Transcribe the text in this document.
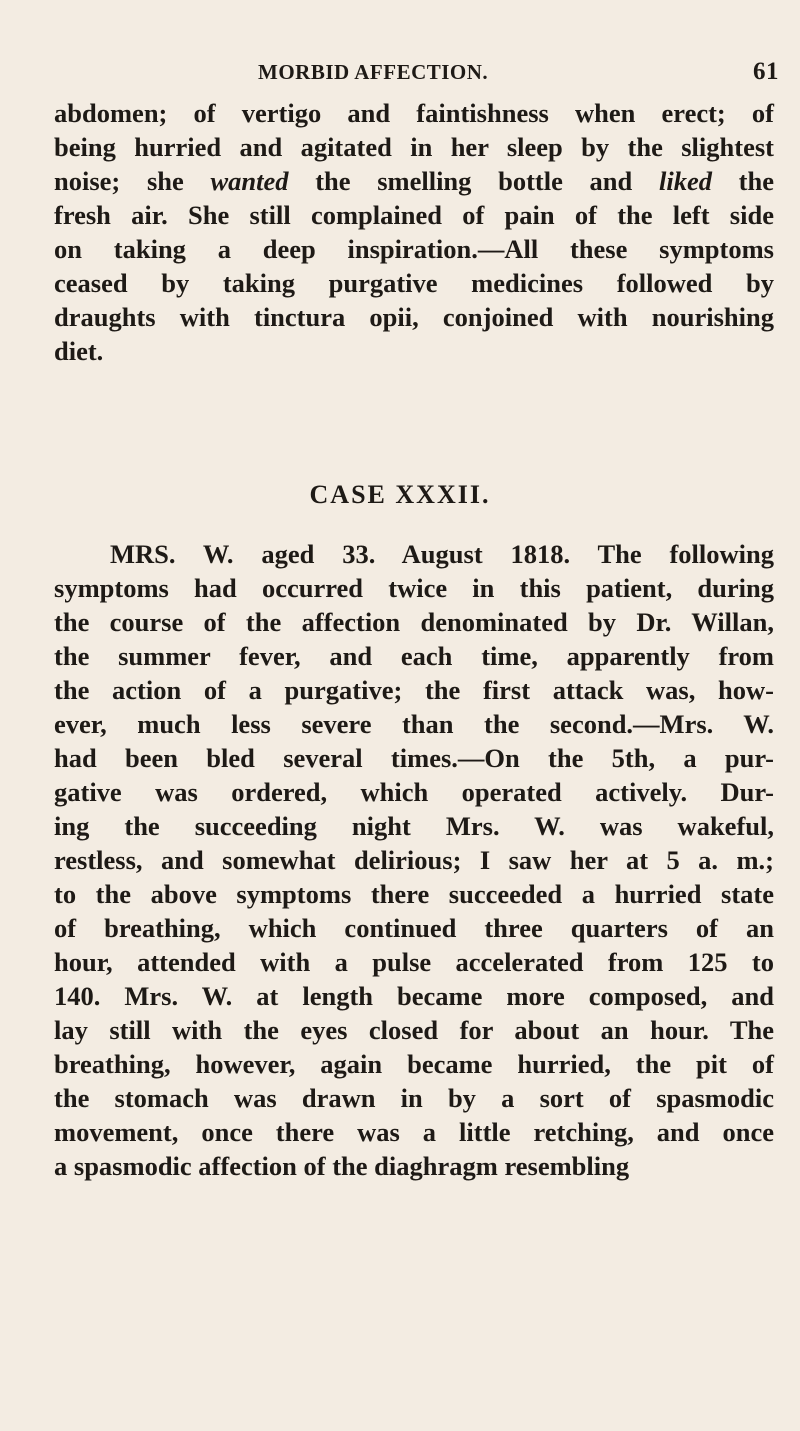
MORBID AFFECTION.	61
abdomen; of vertigo and faintishness when erect; of
being hurried and agitated in her sleep by the slightest
noise; she wanted the smelling bottle and liked the
fresh air. She still complained of pain of the left side
on taking a deep inspiration.—All these symptoms
ceased by taking purgative medicines followed by
draughts with tinctura opii, conjoined with nourishing
diet.
CASE XXXII.
MRS. W. aged 33. August 1818. The following
symptoms had occurred twice in this patient, during
the course of the affection denominated by Dr. Willan,
the summer fever, and each time, apparently from
the action of a purgative; the first attack was, how-
ever, much less severe than the second.—Mrs. W.
had been bled several times.—On the 5th, a pur-
gative was ordered, which operated actively. Dur-
ing the succeeding night Mrs. W. was wakeful,
restless, and somewhat delirious; I saw her at 5 a. m.;
to the above symptoms there succeeded a hurried state
of breathing, which continued three quarters of an
hour, attended with a pulse accelerated from 125 to
140. Mrs. W. at length became more composed, and
lay still with the eyes closed for about an hour. The
breathing, however, again became hurried, the pit of
the stomach was drawn in by a sort of spasmodic
movement, once there was a little retching, and once
a spasmodic affection of the diaghragm resembling
